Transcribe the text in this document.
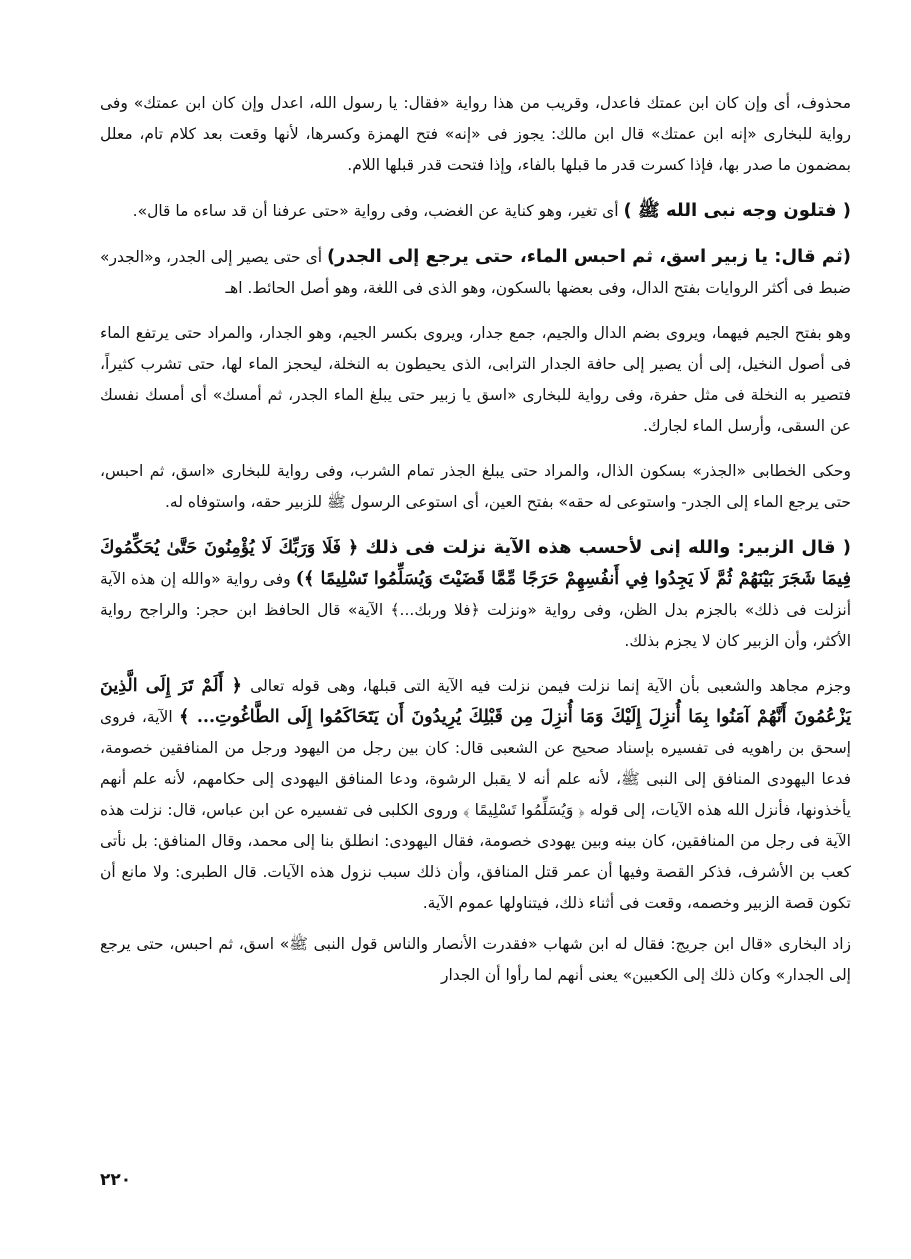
محذوف، أى وإن كان ابن عمتك فاعدل، وقريب من هذا رواية «فقال: يا رسول الله، اعدل وإن كان ابن عمتك» وفى رواية للبخارى «إنه ابن عمتك» قال ابن مالك: يجوز فى «إنه» فتح الهمزة وكسرها، لأنها وقعت بعد كلام تام، معلل بمضمون ما صدر بها، فإذا كسرت قدر ما قبلها بالفاء، وإذا فتحت قدر قبلها اللام.

( فتلون وجه نبى الله ﷺ ) أى تغير، وهو كناية عن الغضب، وفى رواية «حتى عرفنا أن قد ساءه ما قال».

(ثم قال: يا زبير اسق، ثم احبس الماء، حتى يرجع إلى الجدر) أى حتى يصير إلى الجدر، و«الجدر» ضبط فى أكثر الروايات بفتح الدال، وفى بعضها بالسكون، وهو الذى فى اللغة، وهو أصل الحائط. اهـ

وهو بفتح الجيم فيهما، ويروى بضم الدال والجيم، جمع جدار، ويروى بكسر الجيم، وهو الجدار، والمراد حتى يرتفع الماء فى أصول النخيل، إلى أن يصير إلى حافة الجدار الترابى، الذى يحيطون به النخلة، ليحجز الماء لها، حتى تشرب كثيراً، فتصير به النخلة فى مثل حفرة، وفى رواية للبخارى «اسق يا زبير حتى يبلغ الماء الجدر، ثم أمسك» أى أمسك نفسك عن السقى، وأرسل الماء لجارك.

وحكى الخطابى «الجذر» بسكون الذال، والمراد حتى يبلغ الجذر تمام الشرب، وفى رواية للبخارى «اسق، ثم احبس، حتى يرجع الماء إلى الجدر- واستوعى له حقه» بفتح العين، أى استوعى الرسول ﷺ للزبير حقه، واستوفاه له.

( قال الزبير: والله إنى لأحسب هذه الآية نزلت فى ذلك ﴿ فَلَا وَرَبِّكَ لَا يُؤْمِنُونَ حَتَّىٰ يُحَكِّمُوكَ فِيمَا شَجَرَ بَيْنَهُمْ ثُمَّ لَا يَجِدُوا فِي أَنفُسِهِمْ حَرَجًا مِّمَّا قَضَيْتَ وَيُسَلِّمُوا تَسْلِيمًا ﴾) وفى رواية «والله إن هذه الآية أنزلت فى ذلك» بالجزم بدل الظن، وفى رواية «ونزلت ﴿فلا وربك...﴾ الآية» قال الحافظ ابن حجر: والراجح رواية الأكثر، وأن الزبير كان لا يجزم بذلك.

وجزم مجاهد والشعبى بأن الآية إنما نزلت فيمن نزلت فيه الآية التى قبلها، وهى قوله تعالى ﴿ أَلَمْ تَرَ إِلَى الَّذِينَ يَزْعُمُونَ أَنَّهُمْ آمَنُوا بِمَا أُنزِلَ إِلَيْكَ وَمَا أُنزِلَ مِن قَبْلِكَ يُرِيدُونَ أَن يَتَحَاكَمُوا إِلَى الطَّاغُوتِ... ﴾ الآية، فروى إسحق بن راهويه فى تفسيره بإسناد صحيح عن الشعبى قال: كان بين رجل من اليهود ورجل من المنافقين خصومة، فدعا اليهودى المنافق إلى النبى ﷺ، لأنه علم أنه لا يقبل الرشوة، ودعا المنافق اليهودى إلى حكامهم، لأنه علم أنهم يأخذونها، فأنزل الله هذه الآيات، إلى قوله ﴿ وَيُسَلِّمُوا تَسْلِيمًا ﴾ وروى الكلبى فى تفسيره عن ابن عباس، قال: نزلت هذه الآية فى رجل من المنافقين، كان بينه وبين يهودى خصومة، فقال اليهودى: انطلق بنا إلى محمد، وقال المنافق: بل نأتى كعب بن الأشرف، فذكر القصة وفيها أن عمر قتل المنافق، وأن ذلك سبب نزول هذه الآيات. قال الطبرى: ولا مانع أن تكون قصة الزبير وخصمه، وقعت فى أثناء ذلك، فيتناولها عموم الآية.

زاد البخارى «قال ابن جريج: فقال له ابن شهاب «فقدرت الأنصار والناس قول النبى ﷺ» اسق، ثم احبس، حتى يرجع إلى الجدار» وكان ذلك إلى الكعبين» يعنى أنهم لما رأوا أن الجدار

٢٢٠
